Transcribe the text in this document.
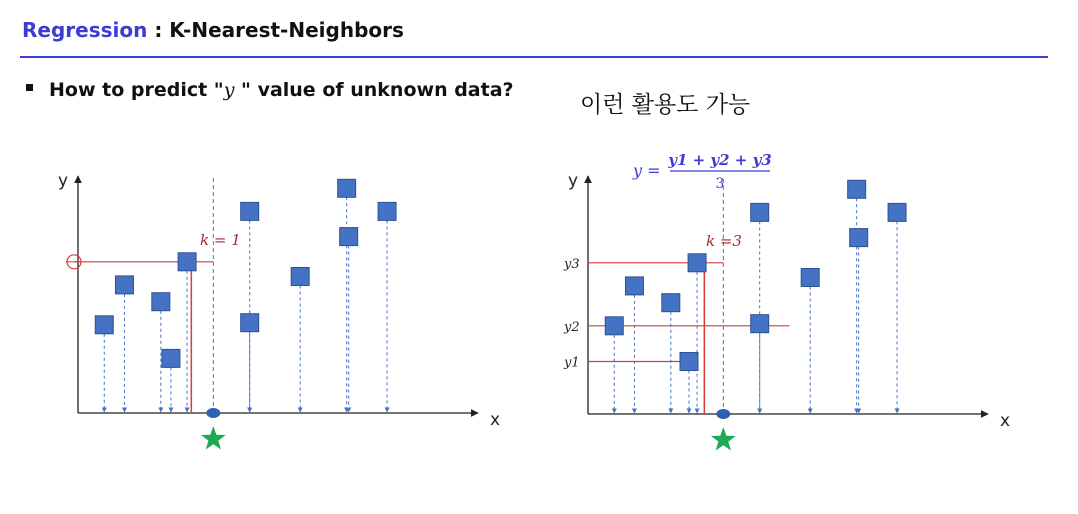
Regression : K-Nearest-Neighbors
How to predict "y " value of unknown data?
이런 활용도 가능
x
y
k = 1
x
y
y2
y1
y3
y =
y1 + y2 + y3
3
k =3
